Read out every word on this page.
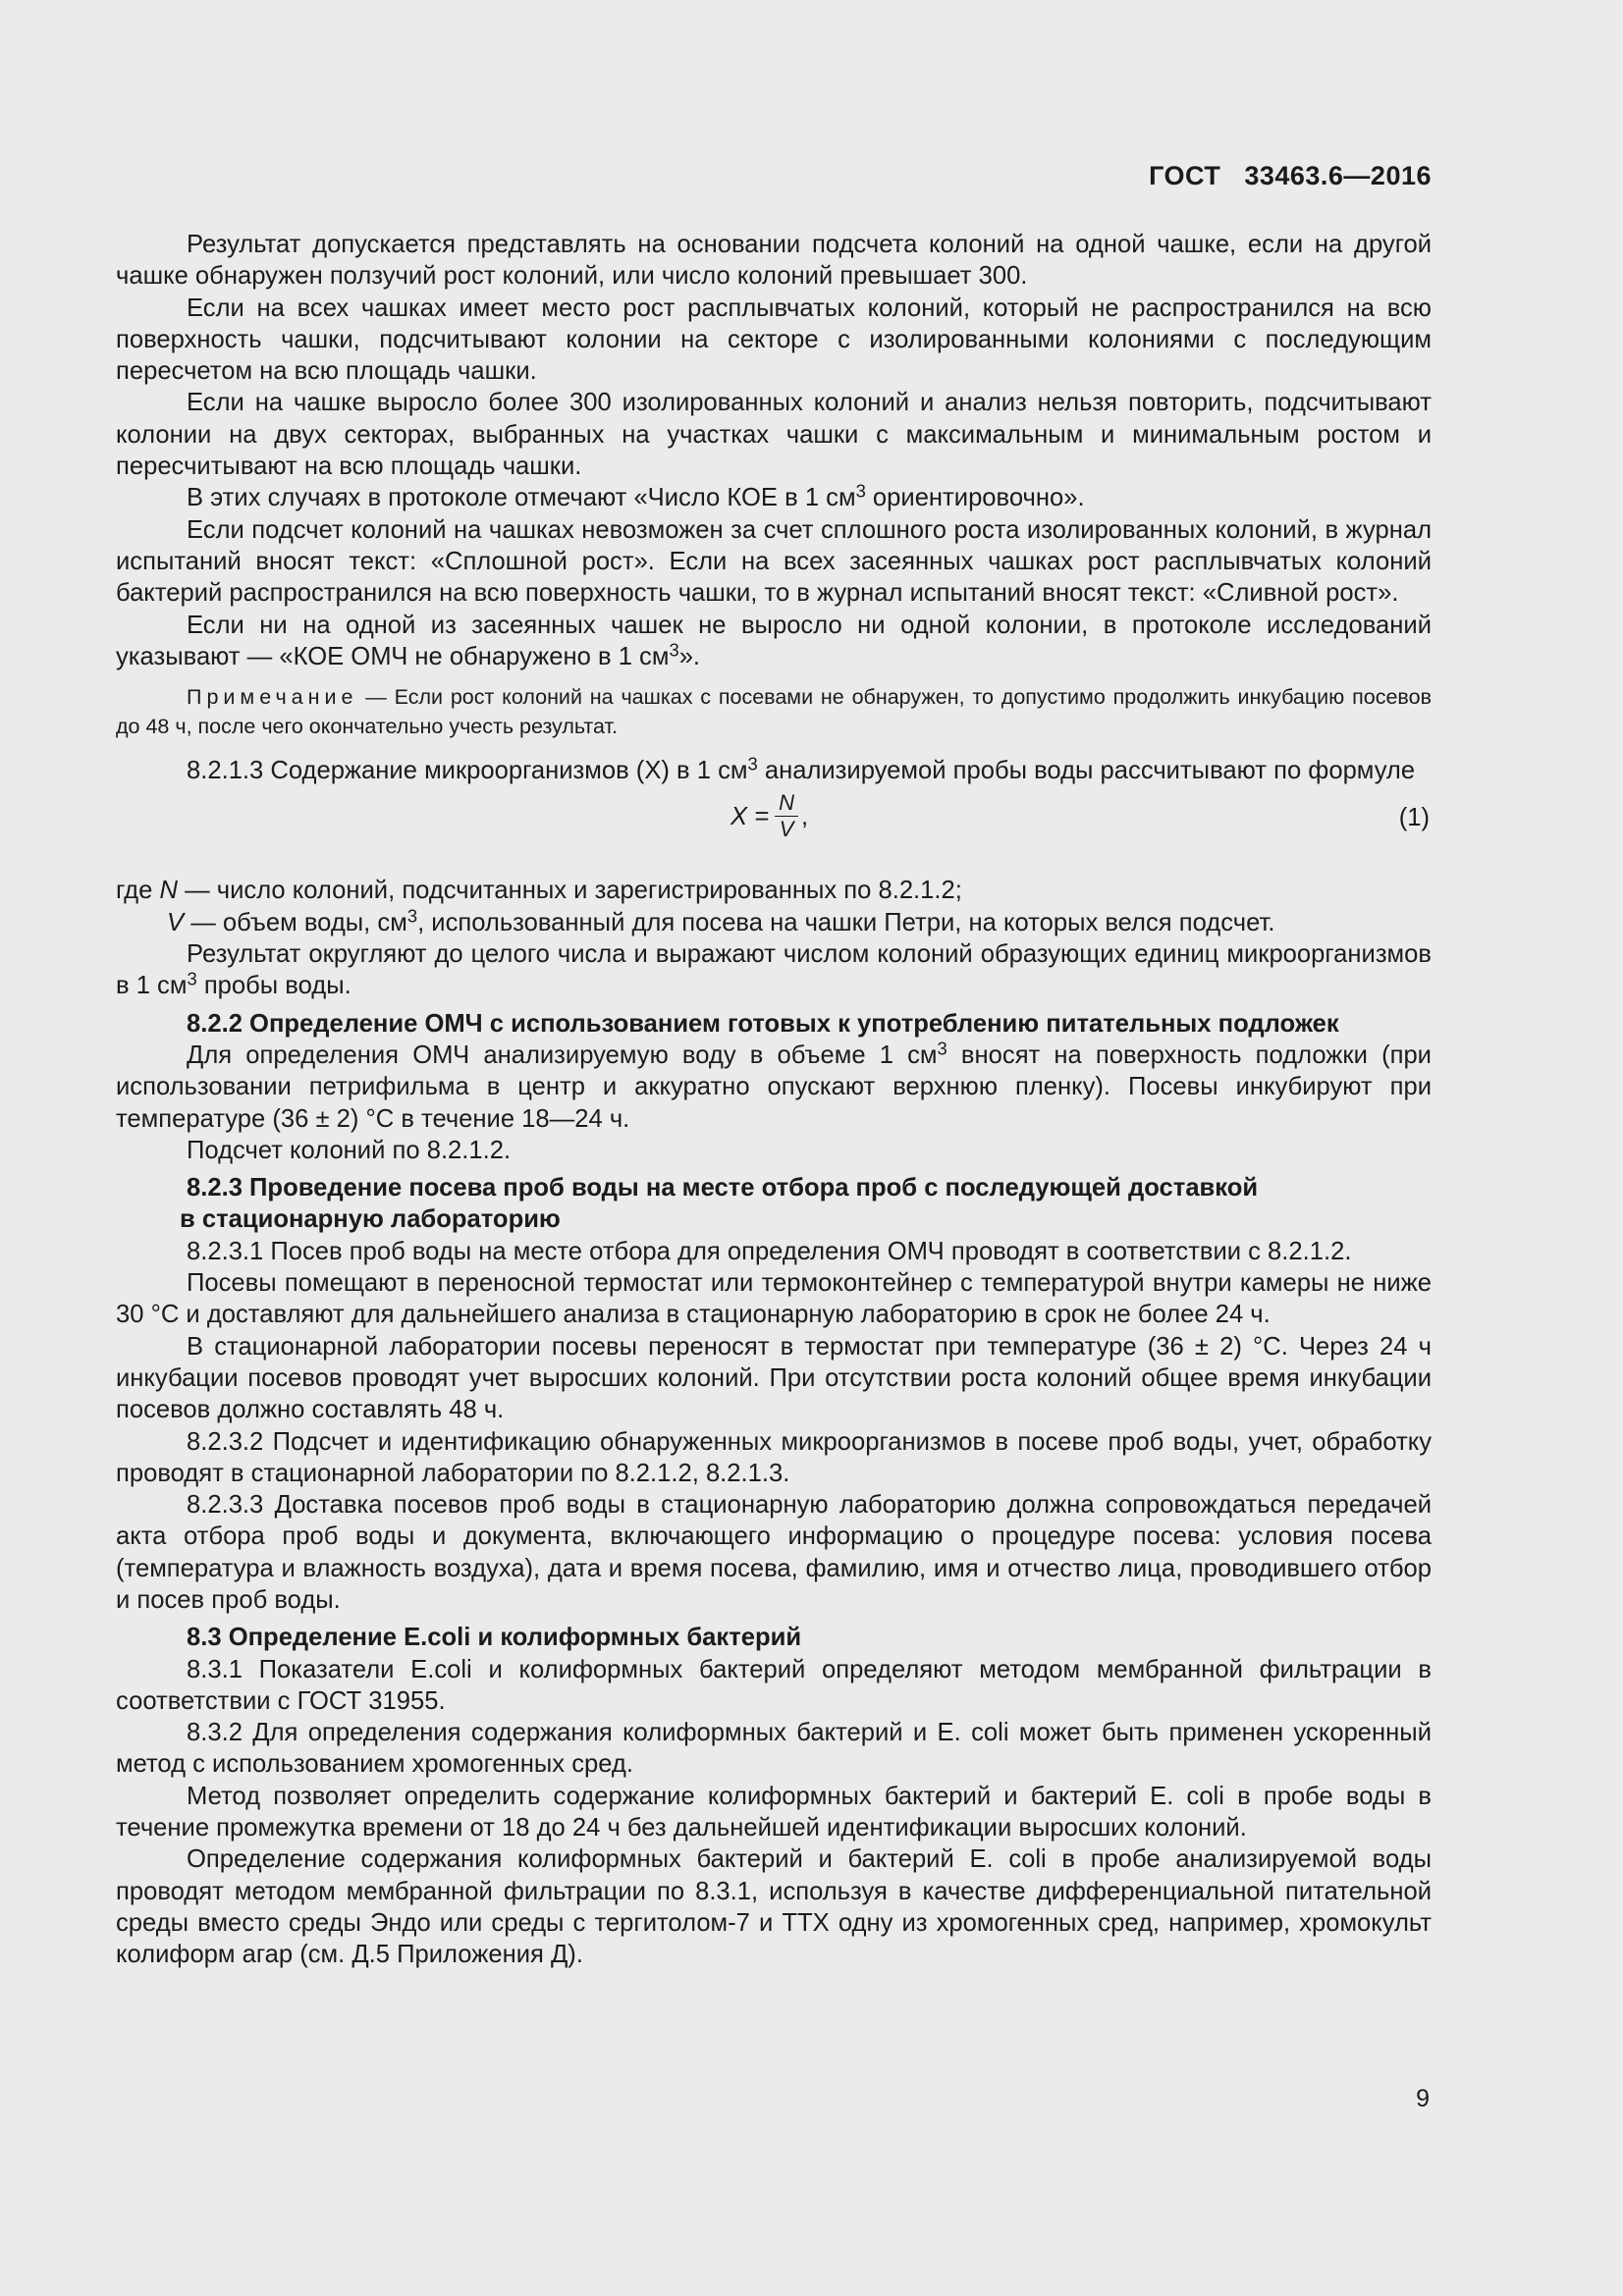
ГОСТ   33463.6—2016

Результат допускается представлять на основании подсчета колоний на одной чашке, если на другой чашке обнаружен ползучий рост колоний, или число колоний превышает 300.

Если на всех чашках имеет место рост расплывчатых колоний, который не распространился на всю поверхность чашки, подсчитывают колонии на секторе с изолированными колониями с последующим пересчетом на всю площадь чашки.

Если на чашке выросло более 300 изолированных колоний и анализ нельзя повторить, подсчитывают колонии на двух секторах, выбранных на участках чашки с максимальным и минимальным ростом и пересчитывают на всю площадь чашки.

В этих случаях в протоколе отмечают «Число КОЕ в 1 $см^3$ ориентировочно».

Если подсчет колоний на чашках невозможен за счет сплошного роста изолированных колоний, в журнал испытаний вносят текст: «Сплошной рост». Если на всех засеянных чашках рост расплывчатых колоний бактерий распространился на всю поверхность чашки, то в журнал испытаний вносят текст: «Сливной рост».

Если ни на одной из засеянных чашек не выросло ни одной колонии, в протоколе исследований указывают — «КОЕ ОМЧ не обнаружено в 1 $см^3$».

Примечание — Если рост колоний на чашках с посевами не обнаружен, то допустимо продолжить инкубацию посевов до 48 ч, после чего окончательно учесть результат.

8.2.1.3 Содержание микроорганизмов (X) в 1 $см^3$ анализируемой пробы воды рассчитывают по формуле

$X = \frac{N}{V}$ ,	(1)

где N — число колоний, подсчитанных и зарегистрированных по 8.2.1.2;

V — объем воды, $см^3$, использованный для посева на чашки Петри, на которых велся подсчет.

Результат округляют до целого числа и выражают числом колоний образующих единиц микроорганизмов в 1 $см^3$ пробы воды.

8.2.2 Определение ОМЧ с использованием готовых к употреблению питательных подложек

Для определения ОМЧ анализируемую воду в объеме 1 $см^3$ вносят на поверхность подложки (при использовании петрифильма в центр и аккуратно опускают верхнюю пленку). Посевы инкубируют при температуре (36 ± 2) °С в течение 18—24 ч.

Подсчет колоний по 8.2.1.2.

8.2.3 Проведение посева проб воды на месте отбора проб с последующей доставкой
в стационарную лабораторию

8.2.3.1 Посев проб воды на месте отбора для определения ОМЧ проводят в соответствии с 8.2.1.2.

Посевы помещают в переносной термостат или термоконтейнер с температурой внутри камеры не ниже 30 °С и доставляют для дальнейшего анализа в стационарную лабораторию в срок не более 24 ч.

В стационарной лаборатории посевы переносят в термостат при температуре (36 ± 2) °С. Через 24 ч инкубации посевов проводят учет выросших колоний. При отсутствии роста колоний общее время инкубации посевов должно составлять 48 ч.

8.2.3.2 Подсчет и идентификацию обнаруженных микроорганизмов в посеве проб воды, учет, обработку проводят в стационарной лаборатории по 8.2.1.2, 8.2.1.3.

8.2.3.3 Доставка посевов проб воды в стационарную лабораторию должна сопровождаться передачей акта отбора проб воды и документа, включающего информацию о процедуре посева: условия посева (температура и влажность воздуха), дата и время посева, фамилию, имя и отчество лица, проводившего отбор и посев проб воды.

8.3 Определение E.coli и колиформных бактерий

8.3.1 Показатели E.coli и колиформных бактерий определяют методом мембранной фильтрации в соответствии с ГОСТ 31955.

8.3.2 Для определения содержания колиформных бактерий и E. coli может быть применен ускоренный метод с использованием хромогенных сред.

Метод позволяет определить содержание колиформных бактерий и бактерий E. coli в пробе воды в течение промежутка времени от 18 до 24 ч без дальнейшей идентификации выросших колоний.

Определение содержания колиформных бактерий и бактерий E. coli в пробе анализируемой воды проводят методом мембранной фильтрации по 8.3.1, используя в качестве дифференциальной питательной среды вместо среды Эндо или среды с тергитолом-7 и ТТХ одну из хромогенных сред, например, хромокульт колиформ агар (см. Д.5 Приложения Д).

9
